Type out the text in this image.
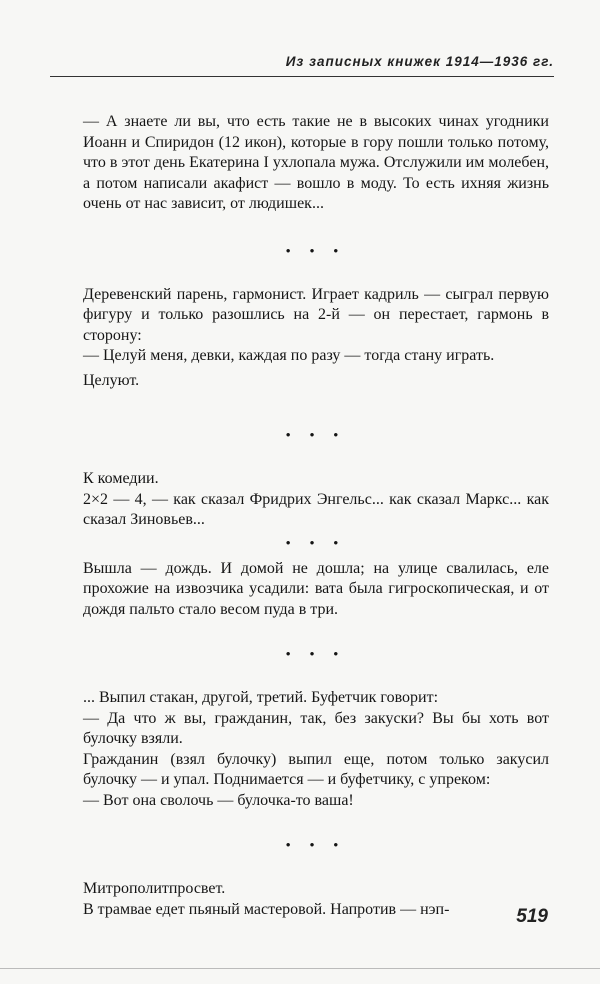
Из записных книжек 1914—1936 гг.

— А знаете ли вы, что есть такие не в высоких чинах угодники Иоанн и Спиридон (12 икон), которые в гору пошли только потому, что в этот день Екатерина I ухлопала мужа. Отслужили им молебен, а потом написали акафист — вошло в моду. То есть ихняя жизнь очень от нас зависит, от людишек...

• • •

Деревенский парень, гармонист. Играет кадриль — сыграл первую фигуру и только разошлись на 2-й — он перестает, гармонь в сторону:

— Целуй меня, девки, каждая по разу — тогда стану играть.

Целуют.

• • •

К комедии.

2×2 — 4, — как сказал Фридрих Энгельс... как сказал Маркс... как сказал Зиновьев...

• • •

Вышла — дождь. И домой не дошла; на улице свалилась, еле прохожие на извозчика усадили: вата была гигроскопическая, и от дождя пальто стало весом пуда в три.

• • •

... Выпил стакан, другой, третий. Буфетчик говорит:

— Да что ж вы, гражданин, так, без закуски? Вы бы хоть вот булочку взяли.

Гражданин (взял булочку) выпил еще, потом только закусил булочку — и упал. Поднимается — и буфетчику, с упреком:

— Вот она сволочь — булочка-то ваша!

• • •

Митрополитпросвет.

В трамвае едет пьяный мастеровой. Напротив — нэп-	519
